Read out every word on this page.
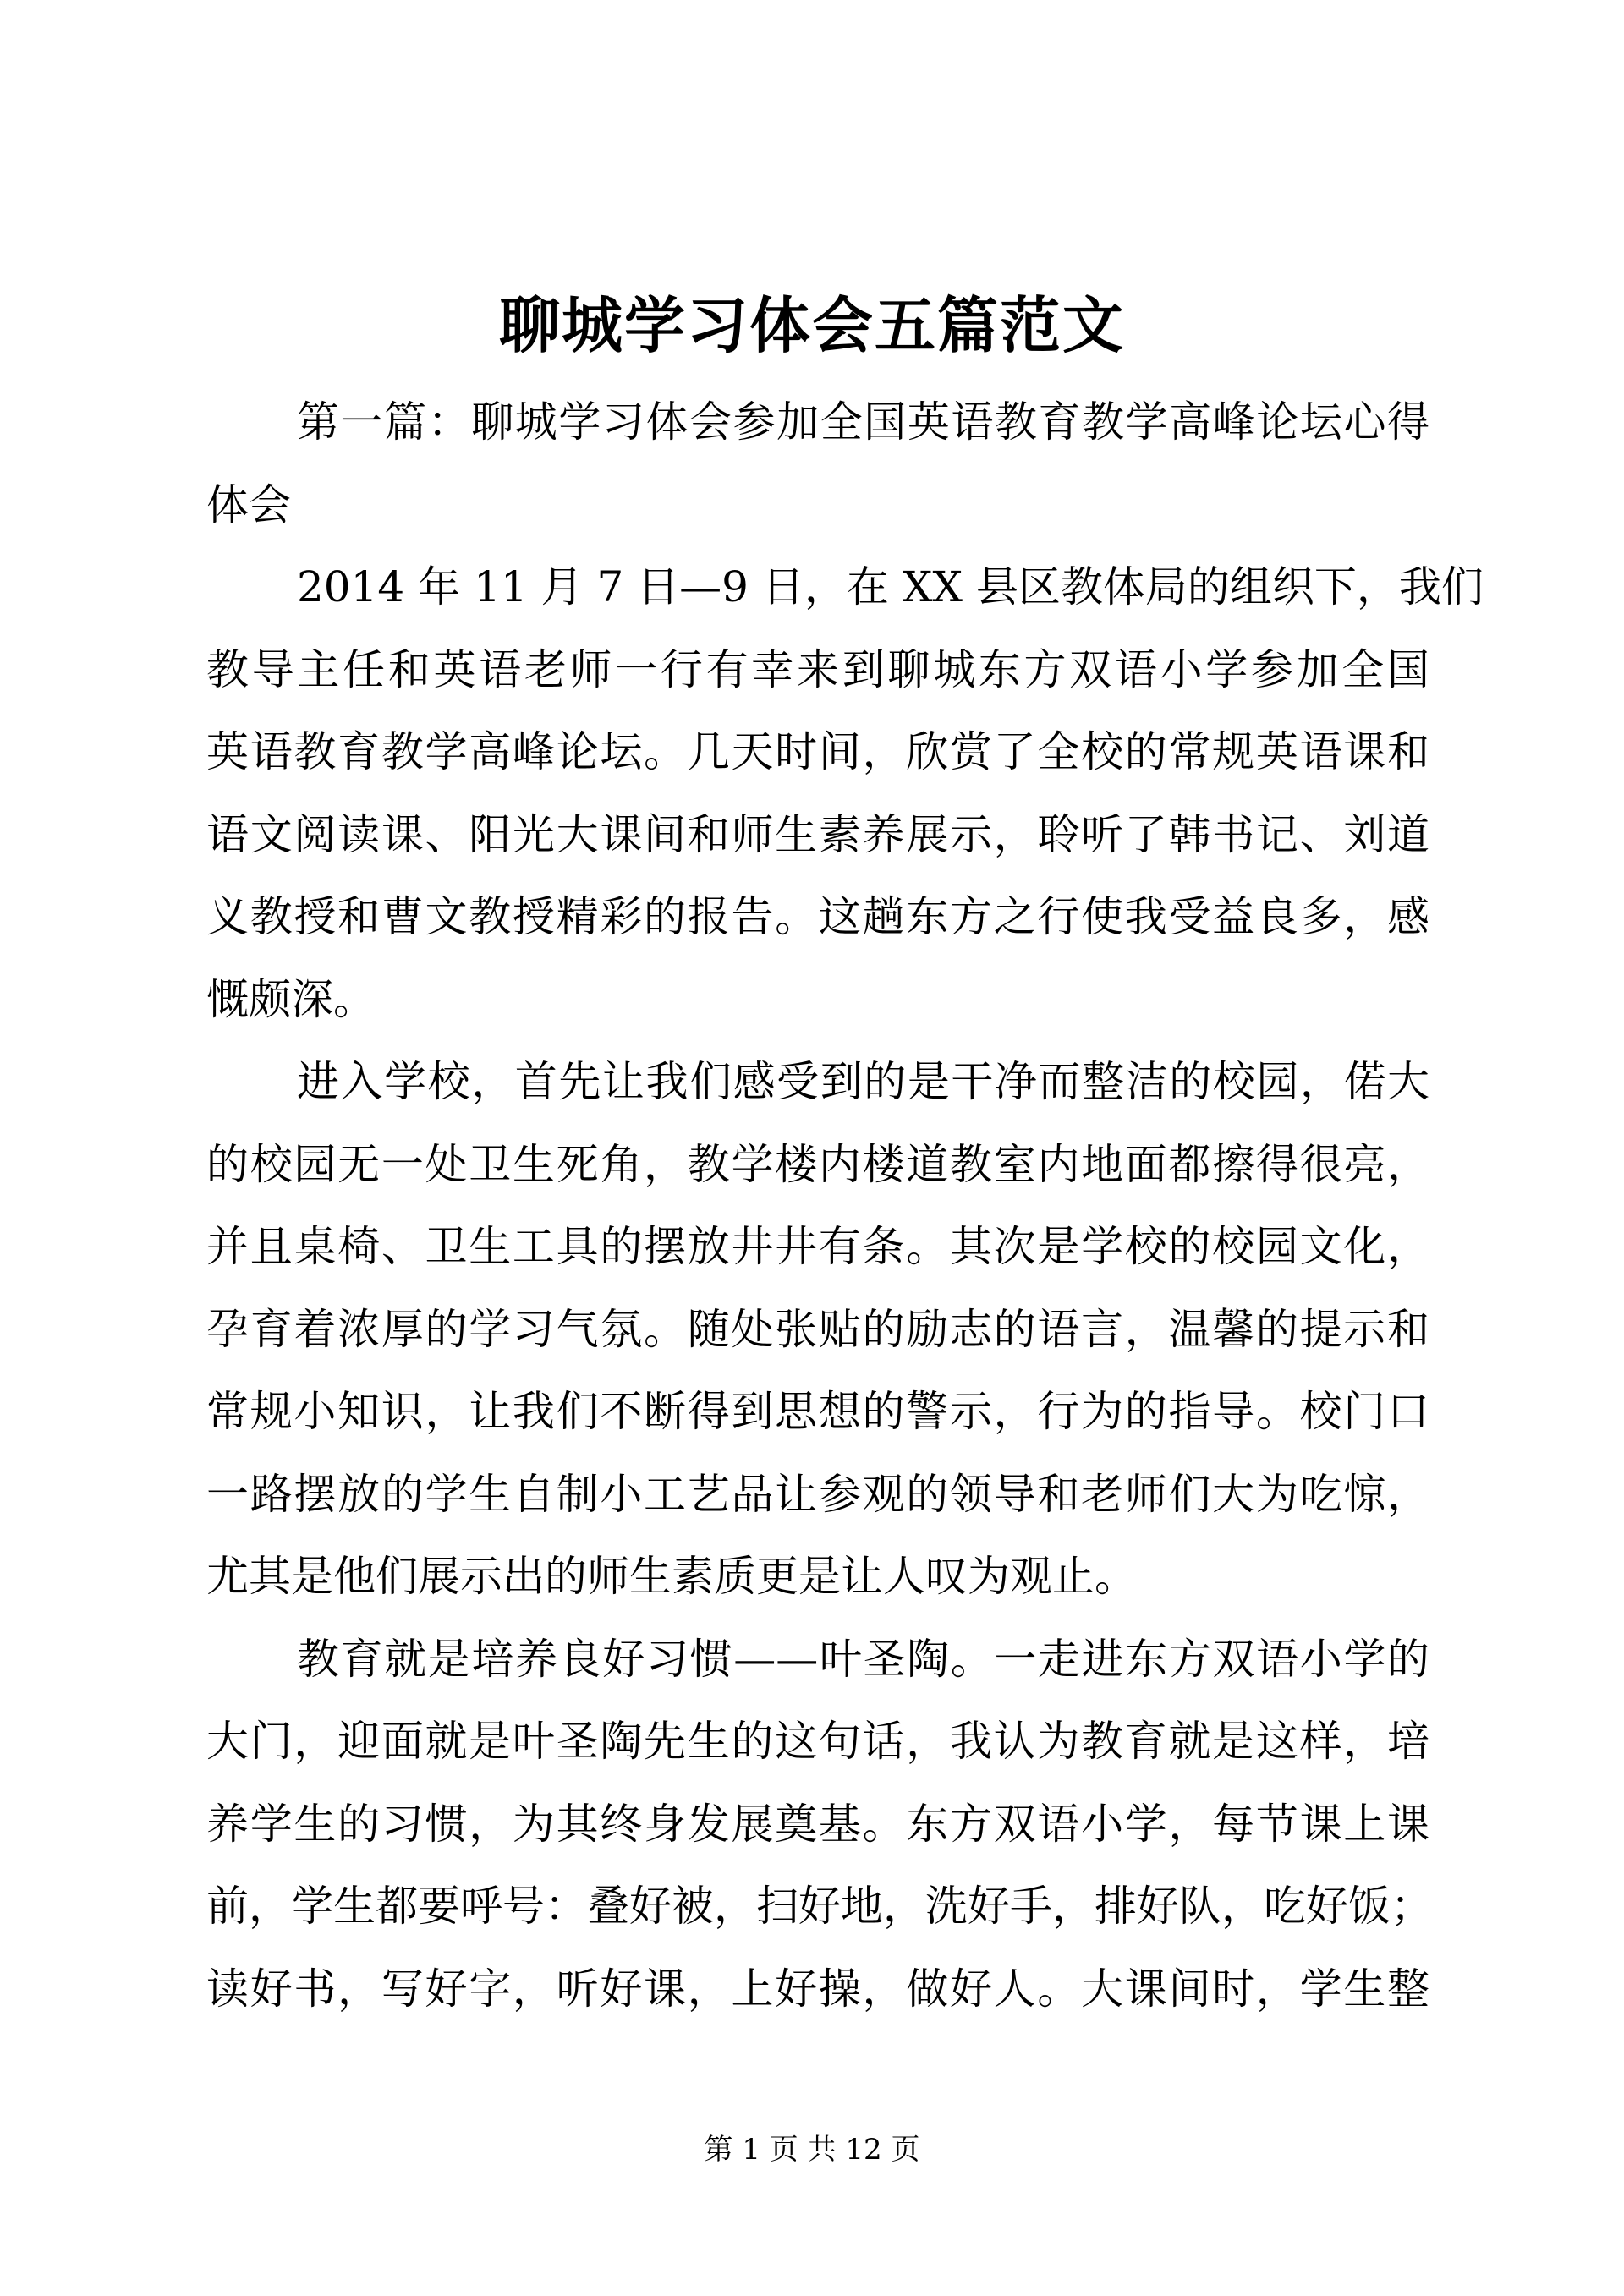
聊城学习体会五篇范文
第一篇：聊城学习体会参加全国英语教育教学高峰论坛心得
体会
2014 年 11 月 7 日—9 日，在 XX 县区教体局的组织下，我们
教导主任和英语老师一行有幸来到聊城东方双语小学参加全国
英语教育教学高峰论坛。几天时间，欣赏了全校的常规英语课和
语文阅读课、阳光大课间和师生素养展示，聆听了韩书记、刘道
义教授和曹文教授精彩的报告。这趟东方之行使我受益良多，感
慨颇深。
进入学校，首先让我们感受到的是干净而整洁的校园，偌大
的校园无一处卫生死角，教学楼内楼道教室内地面都擦得很亮，
并且桌椅、卫生工具的摆放井井有条。其次是学校的校园文化，
孕育着浓厚的学习气氛。随处张贴的励志的语言，温馨的提示和
常规小知识，让我们不断得到思想的警示，行为的指导。校门口
一路摆放的学生自制小工艺品让参观的领导和老师们大为吃惊，
尤其是他们展示出的师生素质更是让人叹为观止。
教育就是培养良好习惯——叶圣陶。一走进东方双语小学的
大门，迎面就是叶圣陶先生的这句话，我认为教育就是这样，培
养学生的习惯，为其终身发展奠基。东方双语小学，每节课上课
前，学生都要呼号：叠好被，扫好地，洗好手，排好队，吃好饭；
读好书，写好字，听好课，上好操，做好人。大课间时，学生整
第 1 页 共 12 页
